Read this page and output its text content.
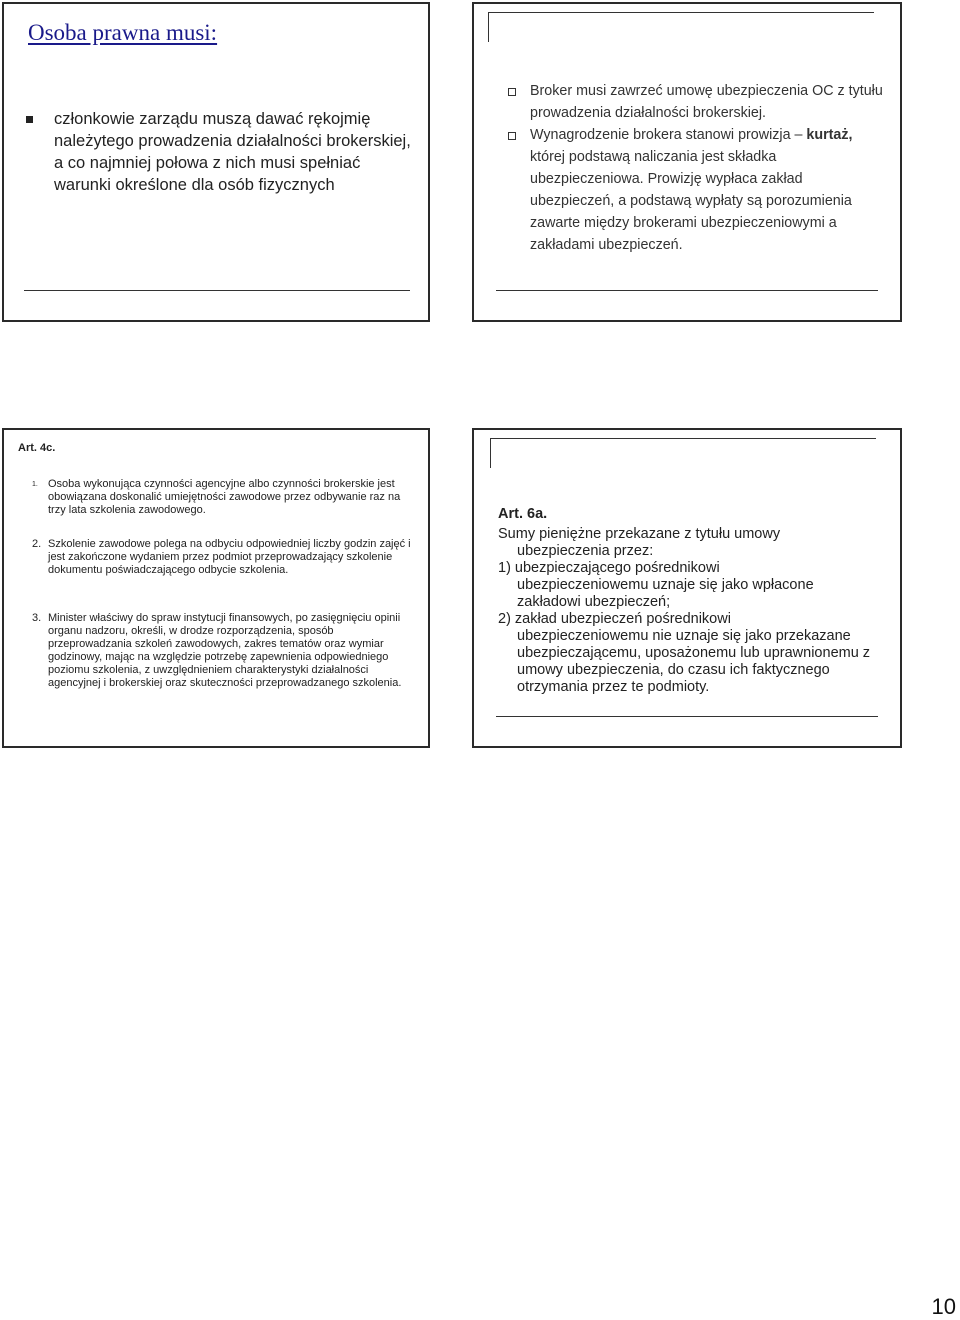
Osoba prawna musi:
członkowie zarządu muszą dawać rękojmię należytego prowadzenia działalności brokerskiej, a co najmniej połowa z nich musi spełniać warunki określone dla osób fizycznych
Broker musi zawrzeć umowę ubezpieczenia OC z tytułu prowadzenia działalności brokerskiej.
Wynagrodzenie brokera stanowi prowizja – kurtaż, której podstawą naliczania jest składka ubezpieczeniowa. Prowizję wypłaca zakład ubezpieczeń, a podstawą wypłaty są porozumienia zawarte między brokerami ubezpieczeniowymi a zakładami ubezpieczeń.
Art. 4c.
1. Osoba wykonująca czynności agencyjne albo czynności brokerskie jest obowiązana doskonalić umiejętności zawodowe przez odbywanie raz na trzy lata szkolenia zawodowego.
2. Szkolenie zawodowe polega na odbyciu odpowiedniej liczby godzin zajęć i jest zakończone wydaniem przez podmiot przeprowadzający szkolenie dokumentu poświadczającego odbycie szkolenia.
3. Minister właściwy do spraw instytucji finansowych, po zasięgnięciu opinii organu nadzoru, określi, w drodze rozporządzenia, sposób przeprowadzania szkoleń zawodowych, zakres tematów oraz wymiar godzinowy, mając na względzie potrzebę zapewnienia odpowiedniego poziomu szkolenia, z uwzględnieniem charakterystyki działalności agencyjnej i brokerskiej oraz skuteczności przeprowadzanego szkolenia.
Art. 6a.
Sumy pieniężne przekazane z tytułu umowy
ubezpieczenia przez:
1) ubezpieczającego pośrednikowi
ubezpieczeniowemu uznaje się jako wpłacone zakładowi ubezpieczeń;
2) zakład ubezpieczeń pośrednikowi
ubezpieczeniowemu nie uznaje się jako przekazane ubezpieczającemu, uposażonemu lub uprawnionemu z umowy ubezpieczenia, do czasu ich faktycznego otrzymania przez te podmioty.
10
